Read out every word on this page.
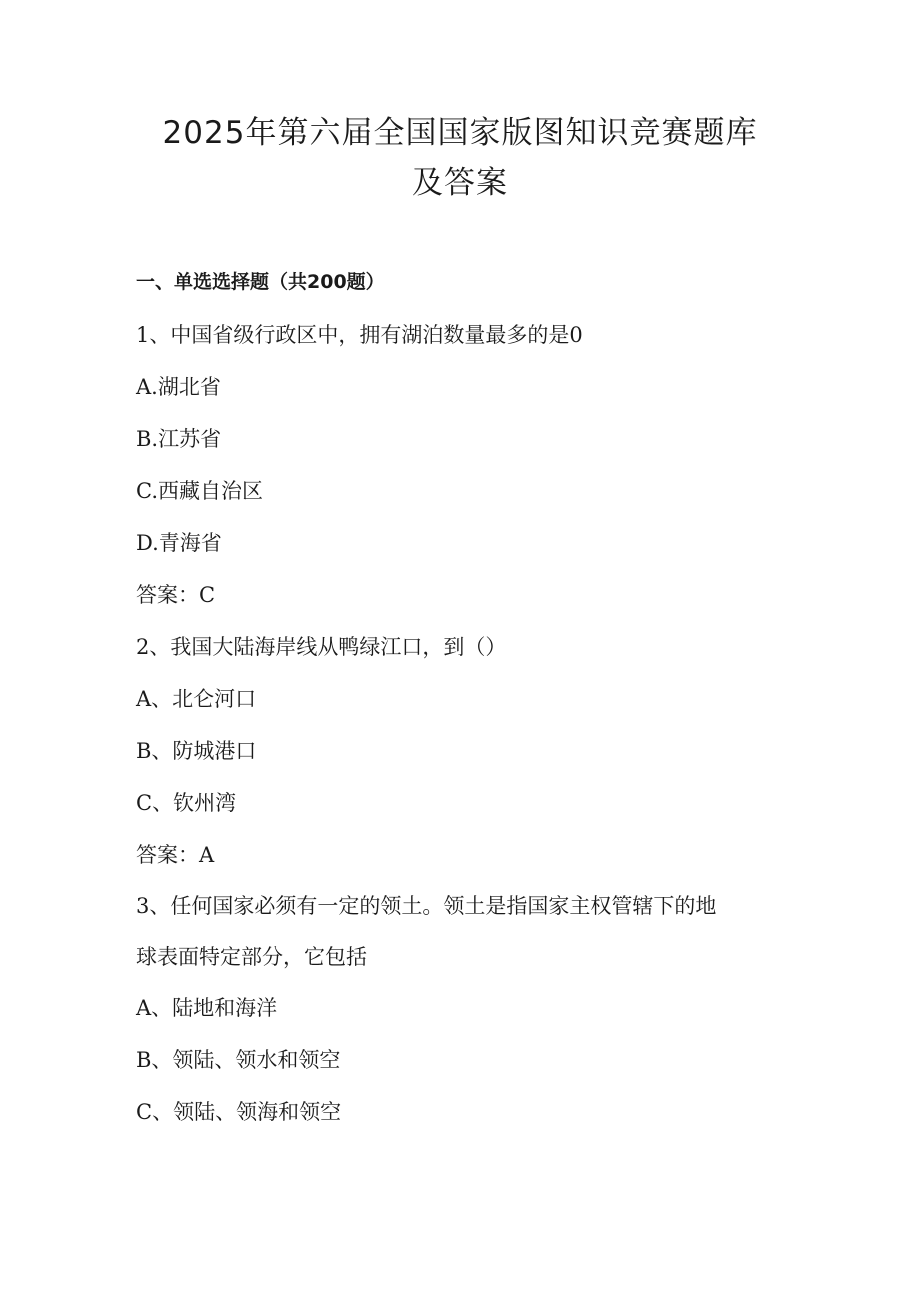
2025年第六届全国国家版图知识竞赛题库
及答案
一、单选选择题（共200题）
1、中国省级行政区中，拥有湖泊数量最多的是0
A.湖北省
B.江苏省
C.西藏自治区
D.青海省
答案：C
2、我国大陆海岸线从鸭绿江口，到（）
A、北仑河口
B、防城港口
C、钦州湾
答案：A
3、任何国家必须有一定的领土。领土是指国家主权管辖下的地
球表面特定部分，它包括
A、陆地和海洋
B、领陆、领水和领空
C、领陆、领海和领空
